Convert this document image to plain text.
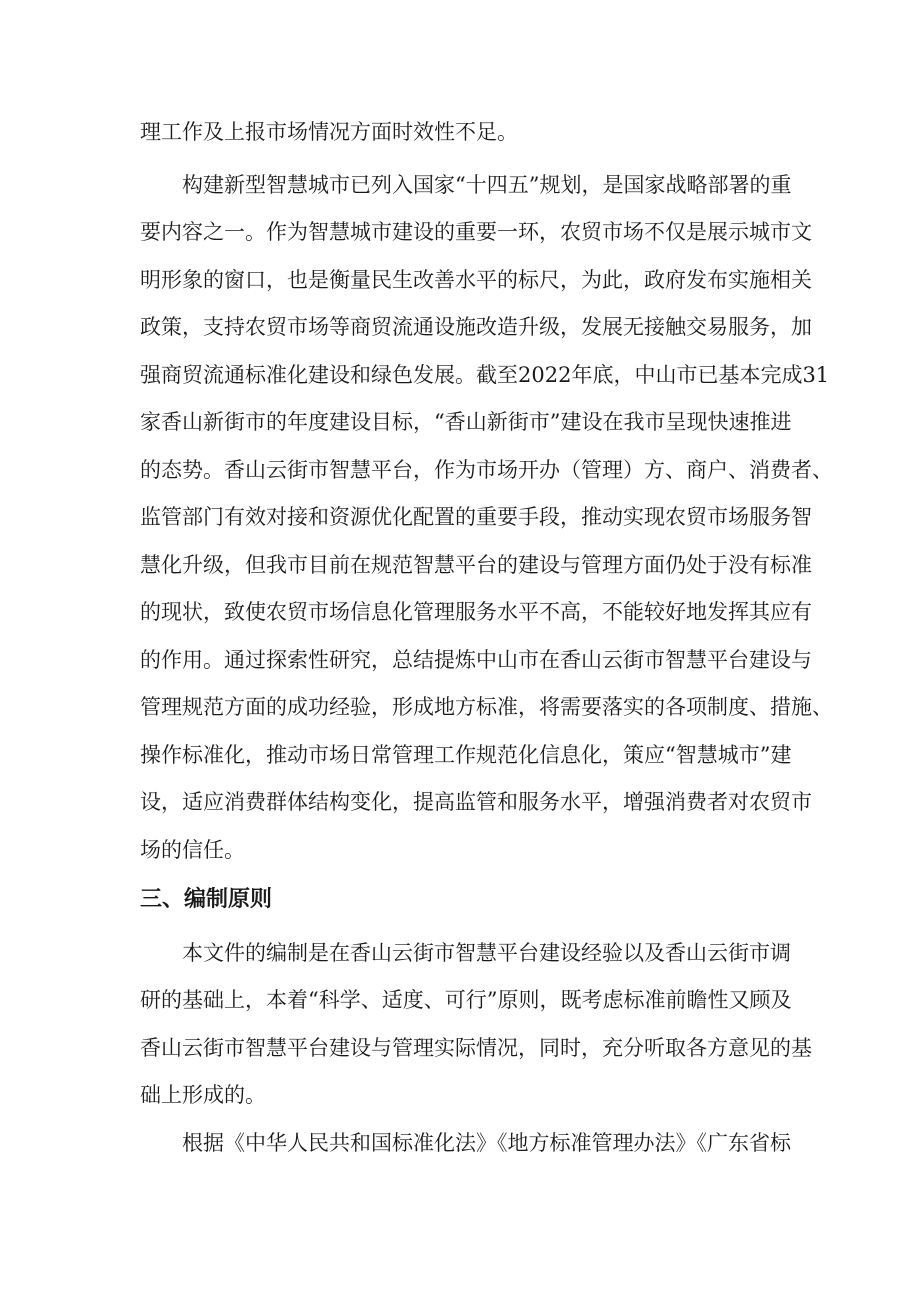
理工作及上报市场情况方面时效性不足。
构建新型智慧城市已列入国家“十四五”规划，是国家战略部署的重
要内容之一。作为智慧城市建设的重要一环，农贸市场不仅是展示城市文
明形象的窗口，也是衡量民生改善水平的标尺，为此，政府发布实施相关
政策，支持农贸市场等商贸流通设施改造升级，发展无接触交易服务，加
强商贸流通标准化建设和绿色发展。截至2022年底，中山市已基本完成31
家香山新街市的年度建设目标，“香山新街市”建设在我市呈现快速推进
的态势。香山云街市智慧平台，作为市场开办（管理）方、商户、消费者、
监管部门有效对接和资源优化配置的重要手段，推动实现农贸市场服务智
慧化升级，但我市目前在规范智慧平台的建设与管理方面仍处于没有标准
的现状，致使农贸市场信息化管理服务水平不高，不能较好地发挥其应有
的作用。通过探索性研究，总结提炼中山市在香山云街市智慧平台建设与
管理规范方面的成功经验，形成地方标准，将需要落实的各项制度、措施、
操作标准化，推动市场日常管理工作规范化信息化，策应“智慧城市”建
设，适应消费群体结构变化，提高监管和服务水平，增强消费者对农贸市
场的信任。
三、编制原则
本文件的编制是在香山云街市智慧平台建设经验以及香山云街市调
研的基础上，本着“科学、适度、可行”原则，既考虑标准前瞻性又顾及
香山云街市智慧平台建设与管理实际情况，同时，充分听取各方意见的基
础上形成的。
根据《中华人民共和国标准化法》《地方标准管理办法》《广东省标
